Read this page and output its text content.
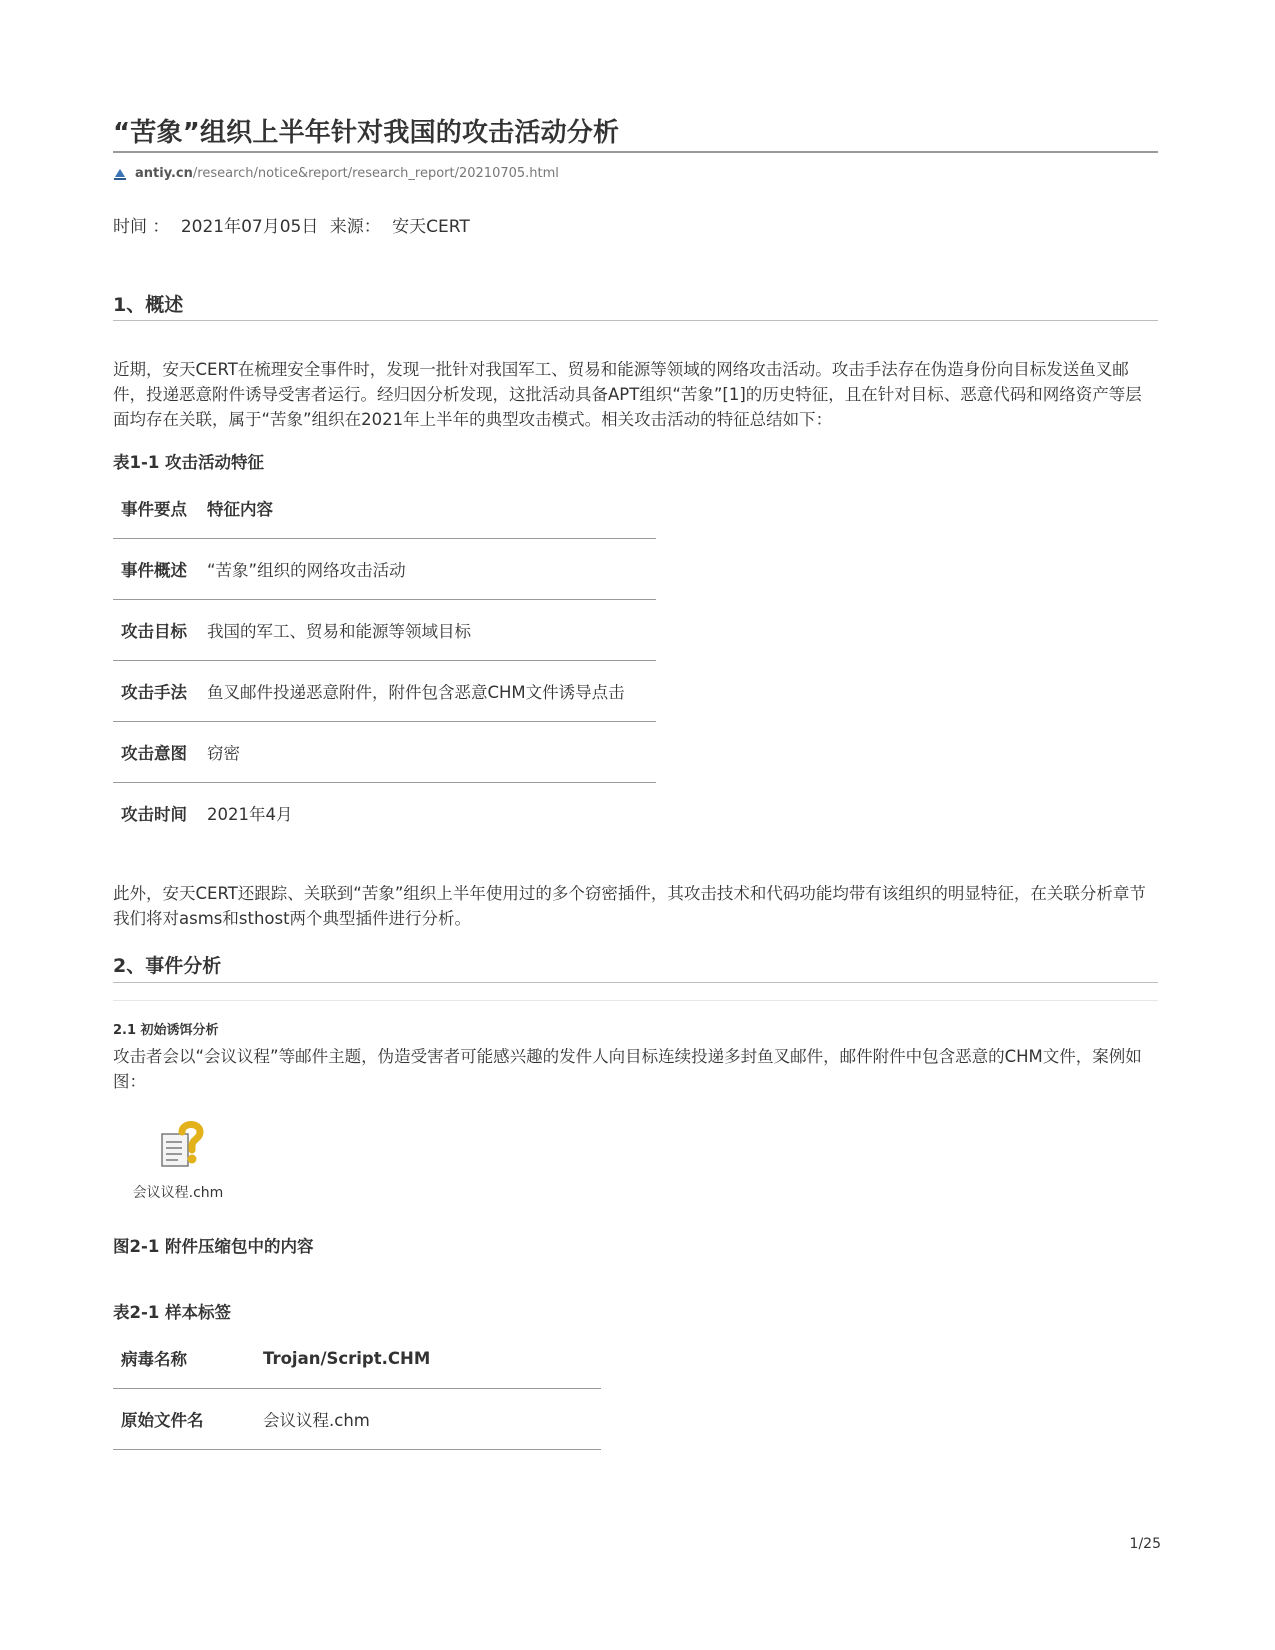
“苦象”组织上半年针对我国的攻击活动分析
antiy.cn /research/notice&report/research_report/20210705.html
时间 ： 2021年07月05日 来源： 安天CERT
1、概述

近期，安天CERT在梳理安全事件时，发现一批针对我国军工、贸易和能源等领域的网络攻击活动。攻击手法存在伪造身份向目标发送鱼叉邮件，投递恶意附件诱导受害者运行。经归因分析发现，这批活动具备APT组织“苦象”[1]的历史特征，且在针对目标、恶意代码和网络资产等层面均存在关联，属于“苦象”组织在2021年上半年的典型攻击模式。相关攻击活动的特征总结如下：

表1-1 攻击活动特征
事件要点	特征内容
事件概述	“苦象”组织的网络攻击活动
攻击目标	我国的军工、贸易和能源等领域目标
攻击手法	鱼叉邮件投递恶意附件，附件包含恶意CHM文件诱导点击
攻击意图	窃密
攻击时间	2021年4月

此外，安天CERT还跟踪、关联到“苦象”组织上半年使用过的多个窃密插件，其攻击技术和代码功能均带有该组织的明显特征，在关联分析章节我们将对asms和sthost两个典型插件进行分析。

2、事件分析
2.1 初始诱饵分析

攻击者会以“会议议程”等邮件主题，伪造受害者可能感兴趣的发件人向目标连续投递多封鱼叉邮件，邮件附件中包含恶意的CHM文件，案例如图：

会议议程.chm
图2-1 附件压缩包中的内容
表2-1 样本标签
病毒名称	Trojan/Script.CHM
原始文件名	会议议程.chm

1/25
